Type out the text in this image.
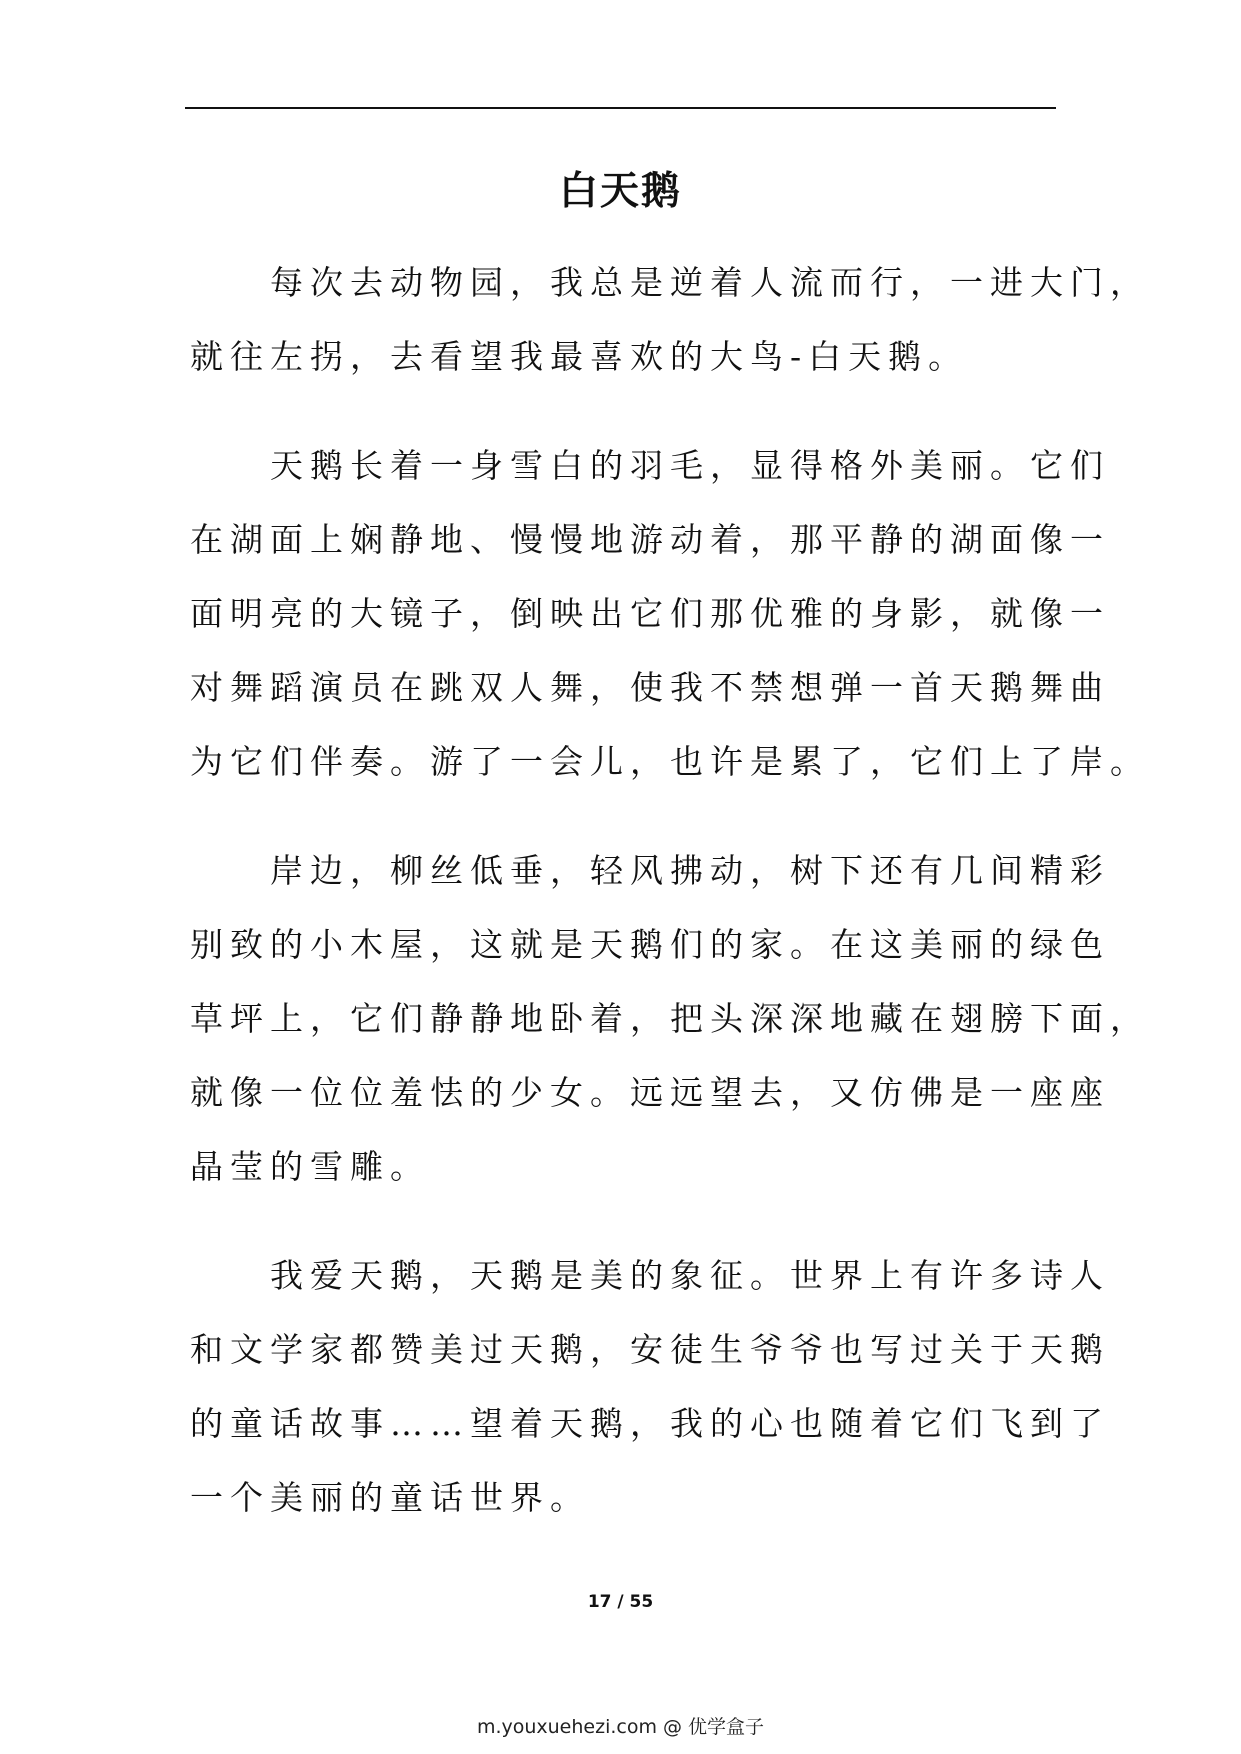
白天鹅

每次去动物园，我总是逆着人流而行，一进大门，
就往左拐，去看望我最喜欢的大鸟-白天鹅。

天鹅长着一身雪白的羽毛，显得格外美丽。它们
在湖面上娴静地、慢慢地游动着，那平静的湖面像一
面明亮的大镜子，倒映出它们那优雅的身影，就像一
对舞蹈演员在跳双人舞，使我不禁想弹一首天鹅舞曲
为它们伴奏。游了一会儿，也许是累了，它们上了岸。

岸边，柳丝低垂，轻风拂动，树下还有几间精彩
别致的小木屋，这就是天鹅们的家。在这美丽的绿色
草坪上，它们静静地卧着，把头深深地藏在翅膀下面，
就像一位位羞怯的少女。远远望去，又仿佛是一座座
晶莹的雪雕。

我爱天鹅，天鹅是美的象征。世界上有许多诗人
和文学家都赞美过天鹅，安徒生爷爷也写过关于天鹅
的童话故事……望着天鹅，我的心也随着它们飞到了
一个美丽的童话世界。

17 / 55
m.youxuehezi.com @ 优学盒子
